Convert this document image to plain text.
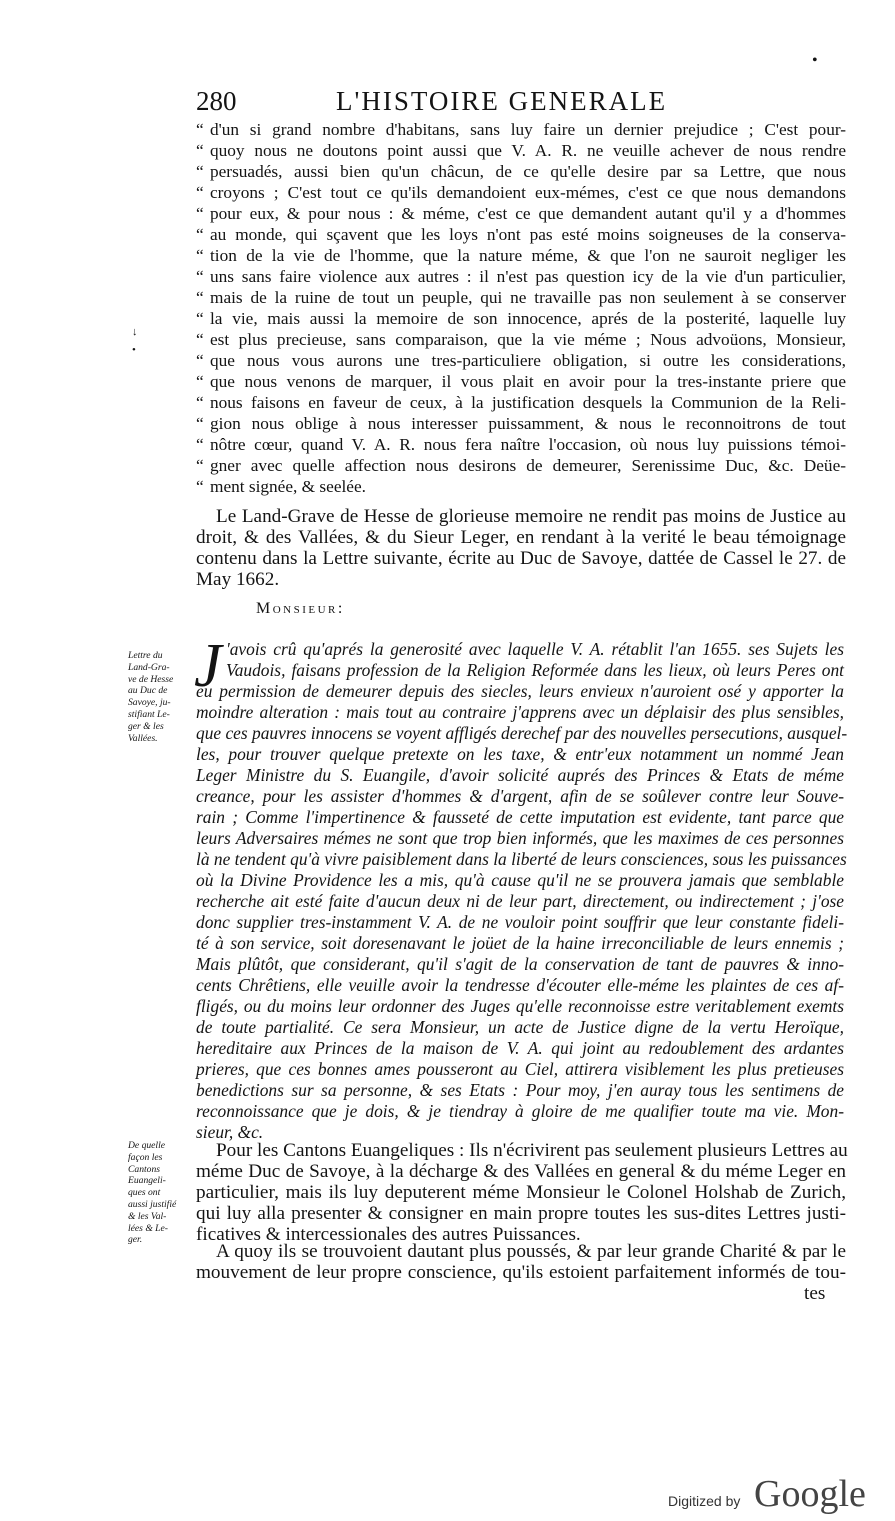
•
280	L'HISTOIRE GENERALE
“ d'un si grand nombre d'habitans, sans luy faire un dernier prejudice ; C'est pour-
“ quoy nous ne doutons point aussi que V. A. R. ne veuille achever de nous rendre
“ persuadés, aussi bien qu'un châcun, de ce qu'elle desire par sa Lettre, que nous
“ croyons ; C'est tout ce qu'ils demandoient eux-mémes, c'est ce que nous demandons
“ pour eux, & pour nous : & méme, c'est ce que demandent autant qu'il y a d'hommes
“ au monde, qui sçavent que les loys n'ont pas esté moins soigneuses de la conserva-
“ tion de la vie de l'homme, que la nature méme, & que l'on ne sauroit negliger les
“ uns sans faire violence aux autres : il n'est pas question icy de la vie d'un particulier,
“ mais de la ruine de tout un peuple, qui ne travaille pas non seulement à se conserver
“ la vie, mais aussi la memoire de son innocence, aprés de la posterité, laquelle luy
“ est plus precieuse, sans comparaison, que la vie méme ; Nous advoüons, Monsieur,
“ que nous vous aurons une tres-particuliere obligation, si outre les considerations,
“ que nous venons de marquer, il vous plait en avoir pour la tres-instante priere que
“ nous faisons en faveur de ceux, à la justification desquels la Communion de la Reli-
“ gion nous oblige à nous interesser puissamment, & nous le reconnoitrons de tout
“ nôtre cœur, quand V. A. R. nous fera naître l'occasion, où nous luy puissions témoi-
“ gner avec quelle affection nous desirons de demeurer, Serenissime Duc, &c. Deüe-
“ ment signée, & seelée.
↓
•
Le Land-Grave de Hesse de glorieuse memoire ne rendit pas moins de Justice au
droit, & des Vallées, & du Sieur Leger, en rendant à la verité le beau témoignage
contenu dans la Lettre suivante, écrite au Duc de Savoye, dattée de Cassel le 27. de
May 1662.
Monsieur:
J 'avois crû qu'aprés la generosité avec laquelle V. A. rétablit l'an 1655. ses Sujets les
Vaudois, faisans profession de la Religion Reformée dans les lieux, où leurs Peres ont
eu permission de demeurer depuis des siecles, leurs envieux n'auroient osé y apporter la
moindre alteration : mais tout au contraire j'apprens avec un déplaisir des plus sensibles,
que ces pauvres innocens se voyent affligés derechef par des nouvelles persecutions, ausquel-
les, pour trouver quelque pretexte on les taxe, & entr'eux notamment un nommé Jean
Leger Ministre du S. Euangile, d'avoir solicité auprés des Princes & Etats de méme
creance, pour les assister d'hommes & d'argent, afin de se soûlever contre leur Souve-
rain ; Comme l'impertinence & fausseté de cette imputation est evidente, tant parce que
leurs Adversaires mémes ne sont que trop bien informés, que les maximes de ces personnes
là ne tendent qu'à vivre paisiblement dans la liberté de leurs consciences, sous les puissances
où la Divine Providence les a mis, qu'à cause qu'il ne se prouvera jamais que semblable
recherche ait esté faite d'aucun deux ni de leur part, directement, ou indirectement ; j'ose
donc supplier tres-instamment V. A. de ne vouloir point souffrir que leur constante fideli-
té à son service, soit doresenavant le joüet de la haine irreconciliable de leurs ennemis ;
Mais plûtôt, que considerant, qu'il s'agit de la conservation de tant de pauvres & inno-
cents Chrêtiens, elle veuille avoir la tendresse d'écouter elle-méme les plaintes de ces af-
fligés, ou du moins leur ordonner des Juges qu'elle reconnoisse estre veritablement exemts
de toute partialité. Ce sera Monsieur, un acte de Justice digne de la vertu Heroïque,
hereditaire aux Princes de la maison de V. A. qui joint au redoublement des ardantes
prieres, que ces bonnes ames pousseront au Ciel, attirera visiblement les plus pretieuses
benedictions sur sa personne, & ses Etats : Pour moy, j'en auray tous les sentimens de
reconnoissance que je dois, & je tiendray à gloire de me qualifier toute ma vie. Mon-
sieur, &c.
Lettre du
Land-Gra-
ve de Hesse
au Duc de
Savoye, ju-
stifiant Le-
ger & les
Vallées.
De quelle
façon les
Cantons
Euangeli-
ques ont
aussi justifié
& les Val-
lées & Le-
ger.
Pour les Cantons Euangeliques : Ils n'écrivirent pas seulement plusieurs Lettres au
méme Duc de Savoye, à la décharge & des Vallées en general & du méme Leger en
particulier, mais ils luy deputerent méme Monsieur le Colonel Holshab de Zurich,
qui luy alla presenter & consigner en main propre toutes les sus-dites Lettres justi-
ficatives & intercessionales des autres Puissances.
A quoy ils se trouvoient dautant plus poussés, & par leur grande Charité & par le
mouvement de leur propre conscience, qu'ils estoient parfaitement informés de tou-
tes
Digitized by Google
